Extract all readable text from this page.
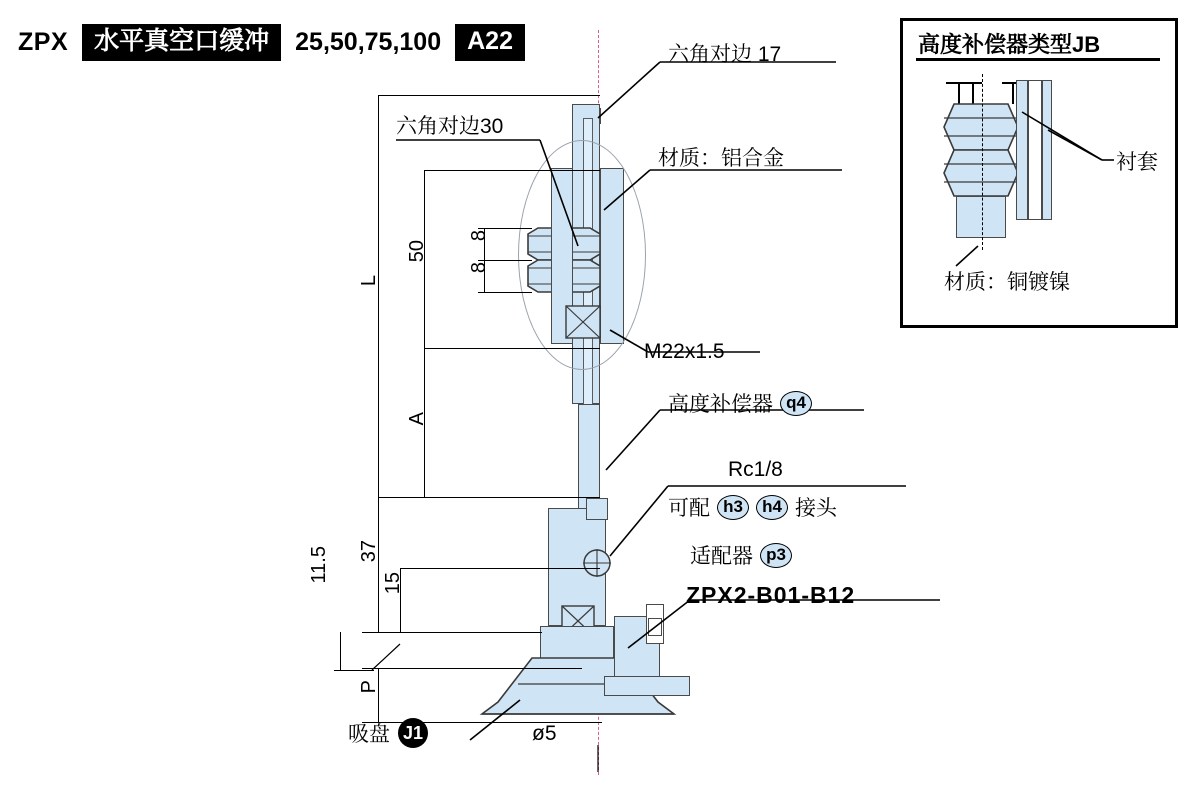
ZPX	水平真空口缓冲	25,50,75,100	A22	高度补偿器类型JB
衬套
材质：铜镀镍
L
50
8
8
A
37
15
11.5
P
六角对边 17
六角对边30
材质：铝合金
M22x1.5
高度补偿器 q4
Rc1/8
可配 h3	h4 接头
适配器 p3
ZPX2-B01-B12
吸盘 J1	ø5
